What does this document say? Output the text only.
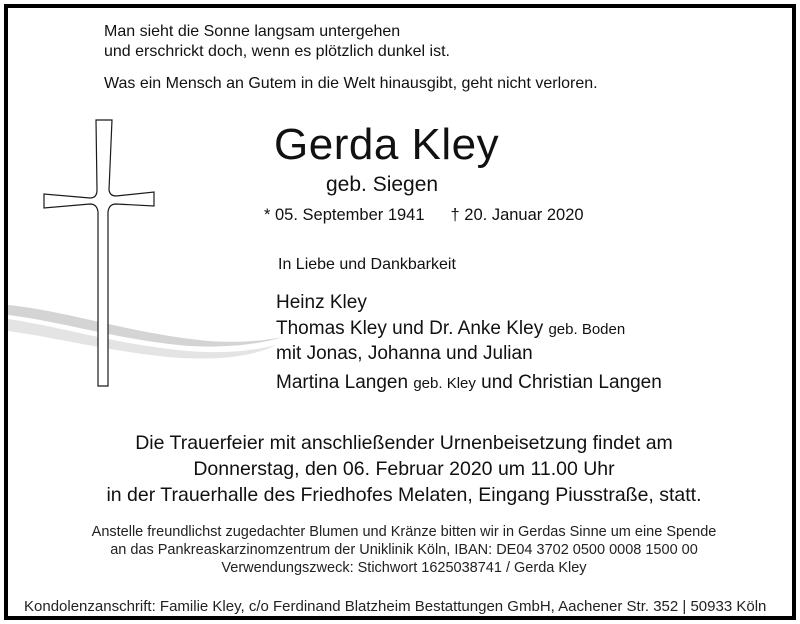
Man sieht die Sonne langsam untergehen

und erschrickt doch, wenn es plötzlich dunkel ist.

Was ein Mensch an Gutem in die Welt hinausgibt, geht nicht verloren.

Gerda Kley

geb. Siegen

* 05. September 1941 † 20. Januar 2020

In Liebe und Dankbarkeit

Heinz Kley

Thomas Kley und Dr. Anke Kley geb. Boden

mit Jonas, Johanna und Julian

Martina Langen geb. Kley und Christian Langen

Die Trauerfeier mit anschließender Urnenbeisetzung findet am

Donnerstag, den 06. Februar 2020 um 11.00 Uhr

in der Trauerhalle des Friedhofes Melaten, Eingang Piusstraße, statt.

Anstelle freundlichst zugedachter Blumen und Kränze bitten wir in Gerdas Sinne um eine Spende

an das Pankreaskarzinomzentrum der Uniklinik Köln, IBAN: DE04 3702 0500 0008 1500 00

Verwendungszweck: Stichwort 1625038741 / Gerda Kley

Kondolenzanschrift: Familie Kley, c/o Ferdinand Blatzheim Bestattungen GmbH, Aachener Str. 352 | 50933 Köln
